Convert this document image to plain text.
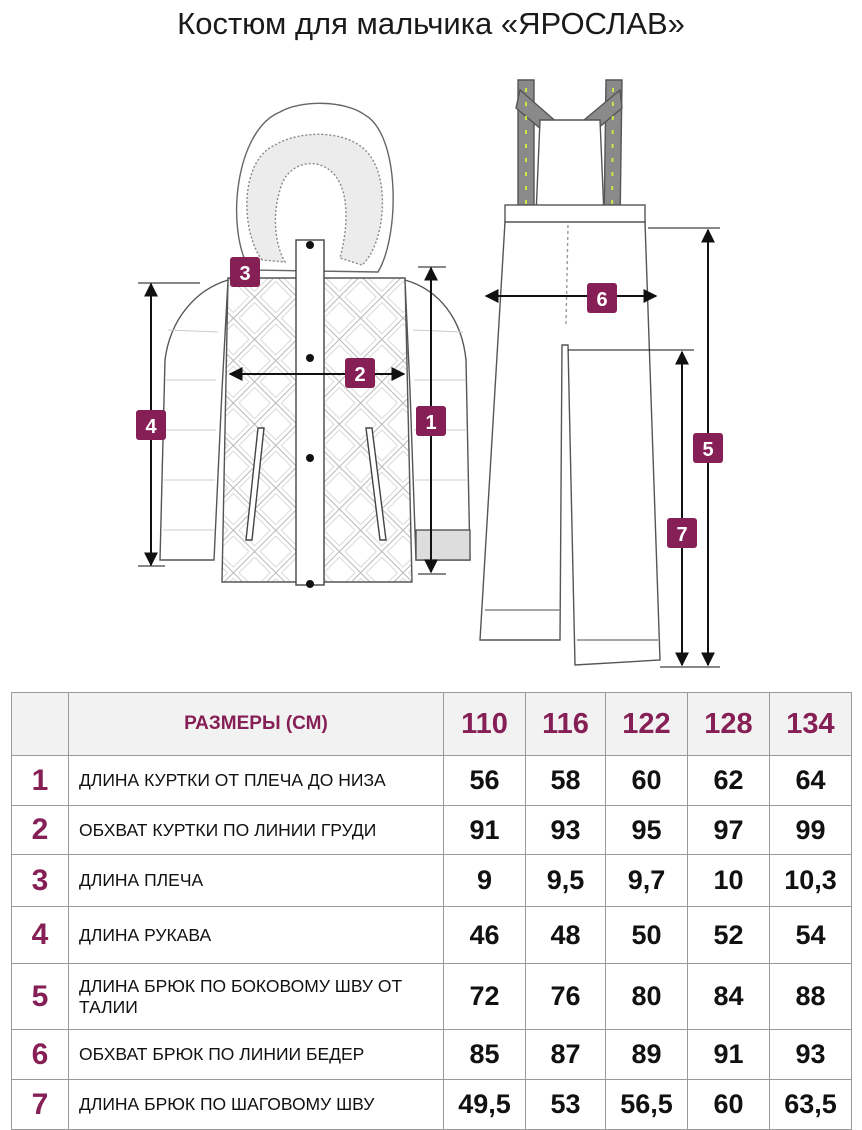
Костюм для мальчика «ЯРОСЛАВ»
3
2
4	1
6
5
7
	РАЗМЕРЫ (СМ)	110	116	122	128	134
1	ДЛИНА КУРТКИ ОТ ПЛЕЧА ДО НИЗА	56	58	60	62	64
2	ОБХВАТ КУРТКИ ПО ЛИНИИ ГРУДИ	91	93	95	97	99
3	ДЛИНА ПЛЕЧА	9	9,5	9,7	10	10,3
4	ДЛИНА РУКАВА	46	48	50	52	54
5	ДЛИНА БРЮК ПО БОКОВОМУ ШВУ ОТ ТАЛИИ	72	76	80	84	88
6	ОБХВАТ БРЮК ПО ЛИНИИ БЕДЕР	85	87	89	91	93
7	ДЛИНА БРЮК ПО ШАГОВОМУ ШВУ	49,5	53	56,5	60	63,5
